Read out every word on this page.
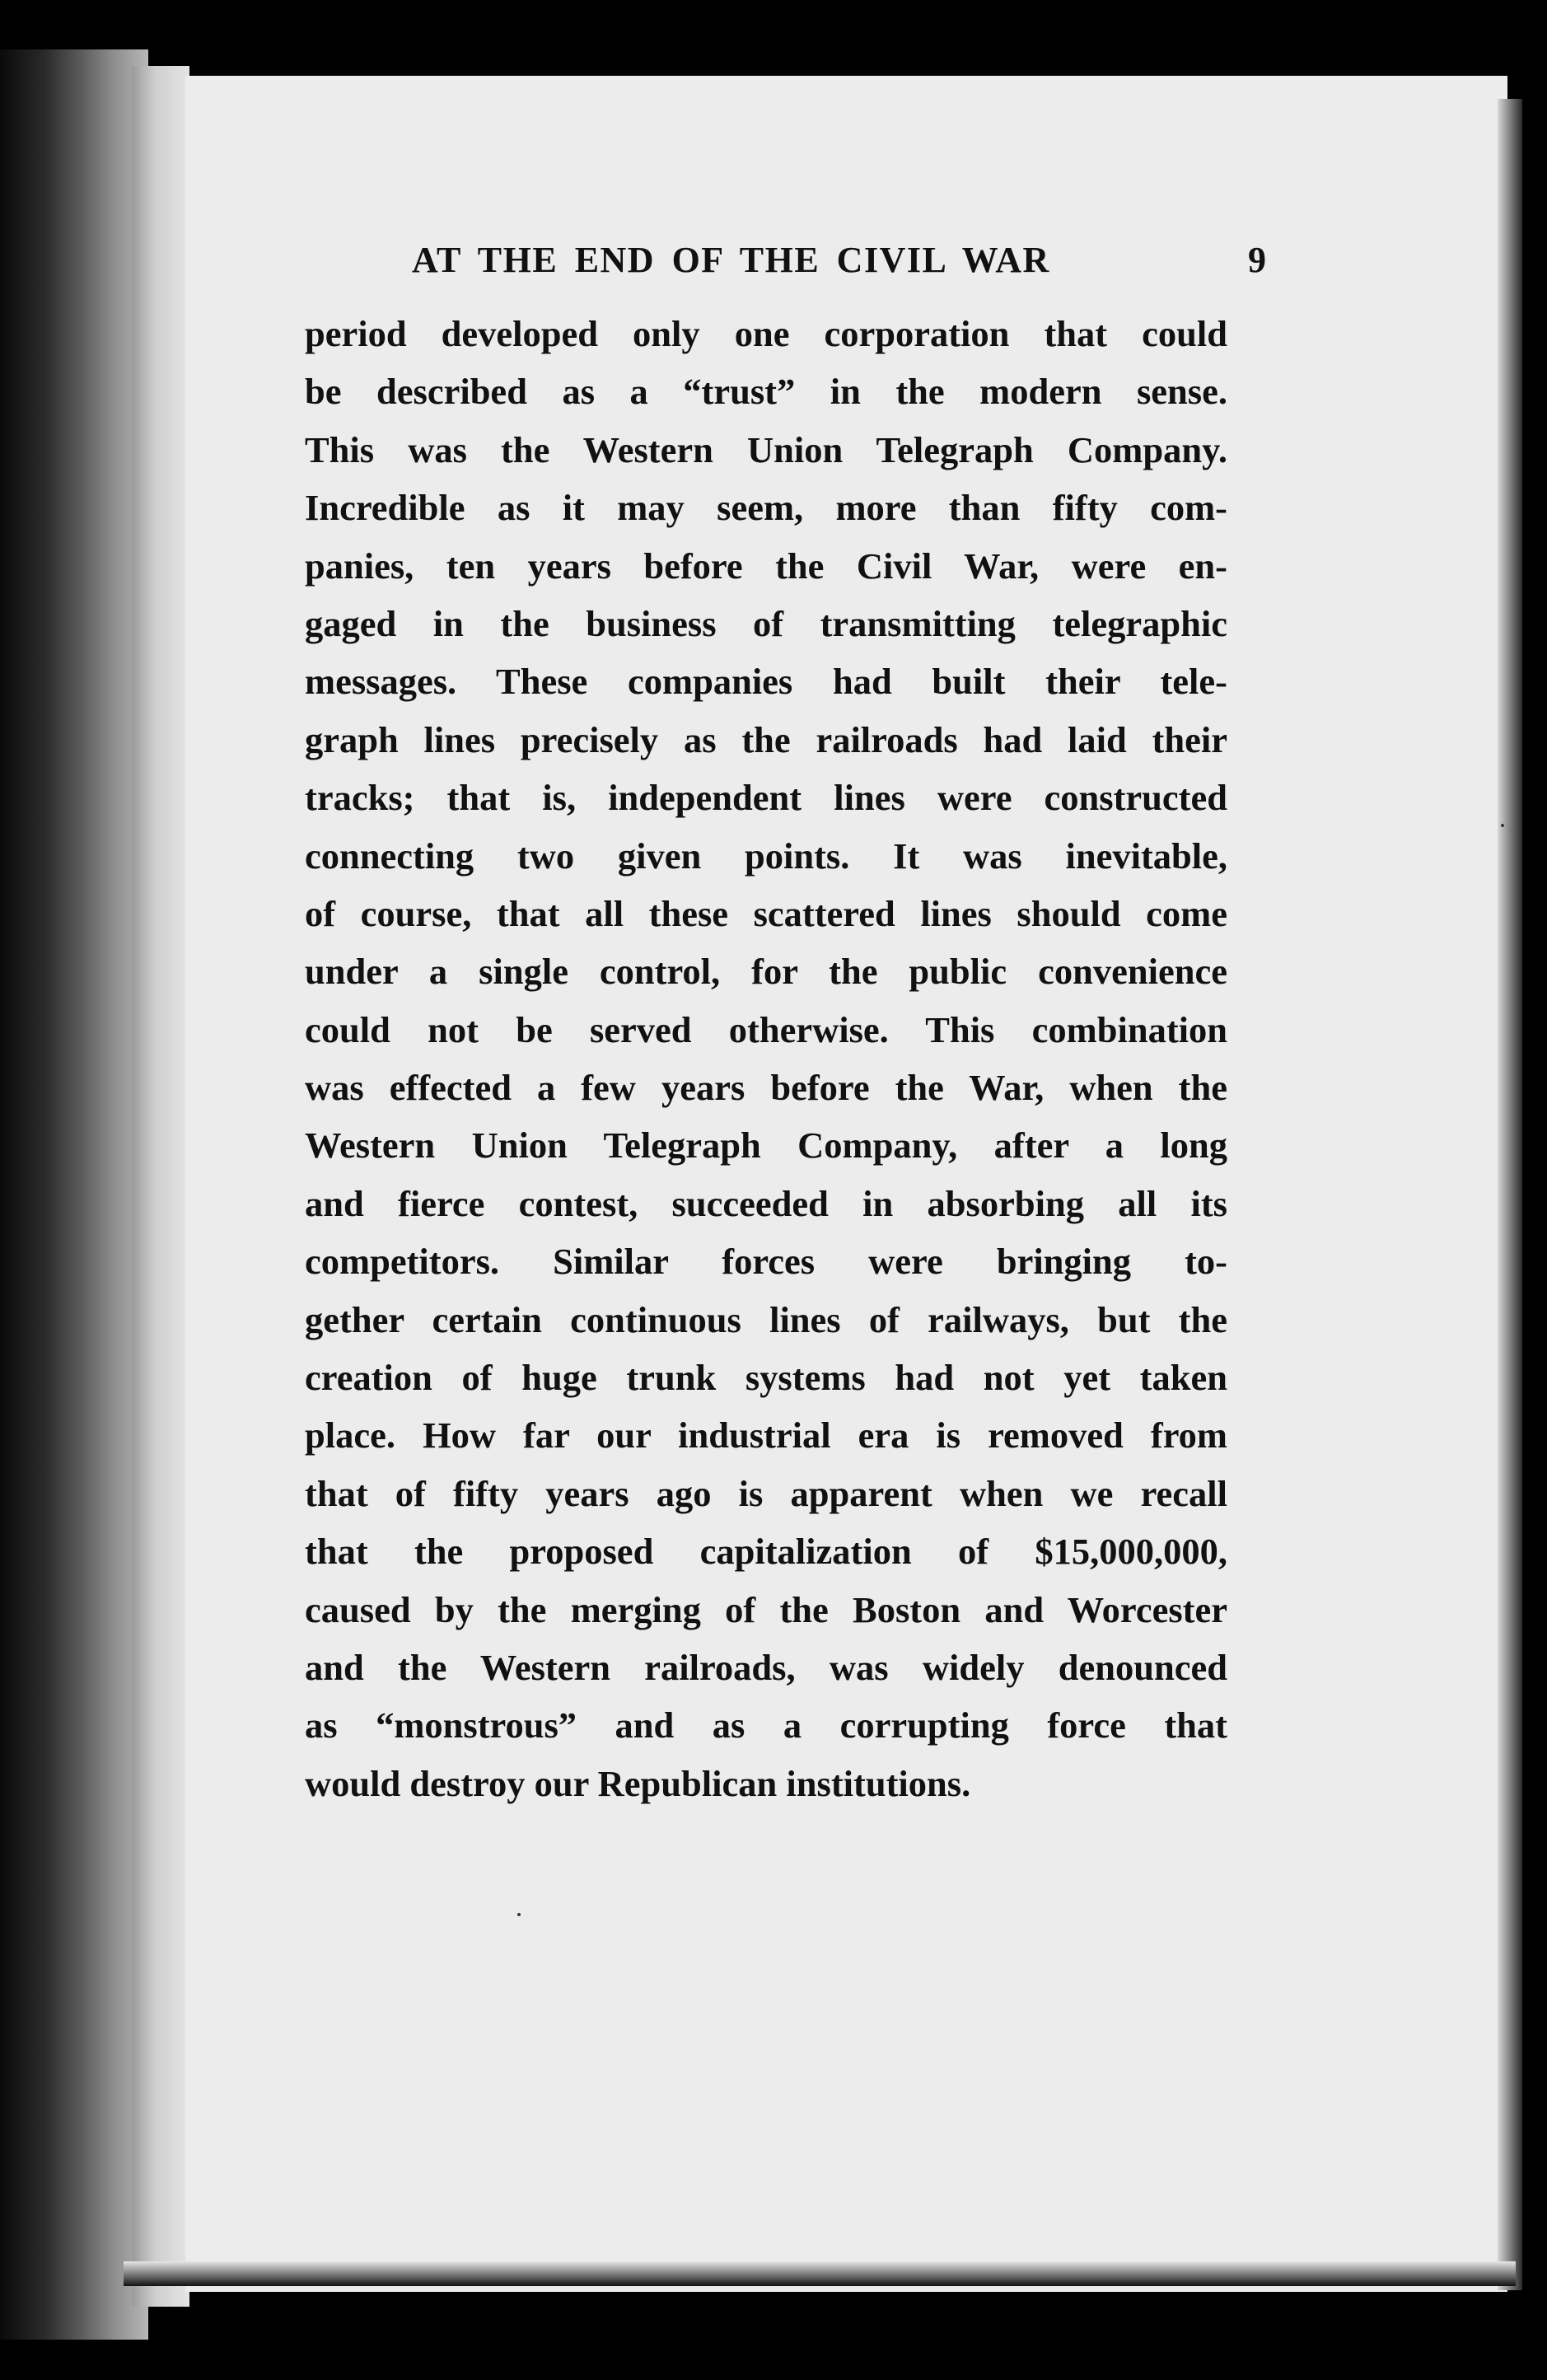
AT THE END OF THE CIVIL WAR	9
period developed only one corporation that could
be described as a “trust” in the modern sense.
This was the Western Union Telegraph Company.
Incredible as it may seem, more than fifty com-
panies, ten years before the Civil War, were en-
gaged in the business of transmitting telegraphic
messages. These companies had built their tele-
graph lines precisely as the railroads had laid their
tracks; that is, independent lines were constructed
connecting two given points. It was inevitable,
of course, that all these scattered lines should come
under a single control, for the public convenience
could not be served otherwise. This combination
was effected a few years before the War, when the
Western Union Telegraph Company, after a long
and fierce contest, succeeded in absorbing all its
competitors. Similar forces were bringing to-
gether certain continuous lines of railways, but the
creation of huge trunk systems had not yet taken
place. How far our industrial era is removed from
that of fifty years ago is apparent when we recall
that the proposed capitalization of $15,000,000,
caused by the merging of the Boston and Worcester
and the Western railroads, was widely denounced
as “monstrous” and as a corrupting force that
would destroy our Republican institutions.
